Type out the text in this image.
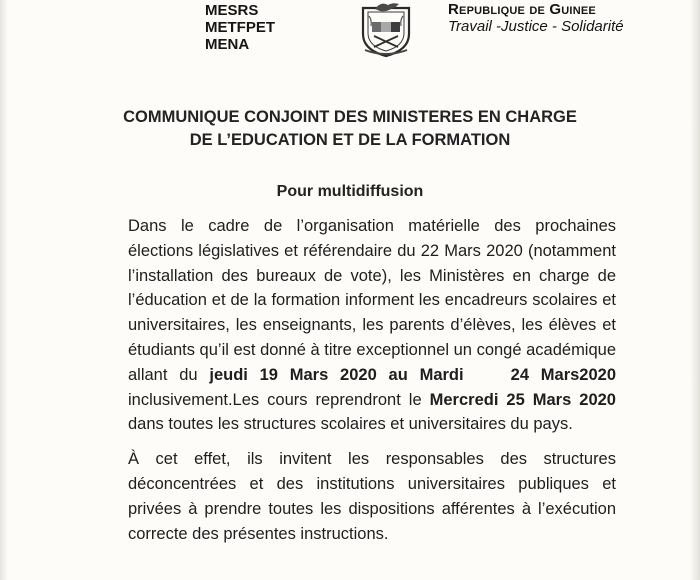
MESRS
METFPET
MENA
Republique de Guinee
Travail -Justice - Solidarité
COMMUNIQUE CONJOINT DES MINISTERES EN CHARGE
DE L’EDUCATION ET DE LA FORMATION
Pour multidiffusion

Dans le cadre de l’organisation matérielle des prochaines élections législatives et référendaire du 22 Mars 2020 (notamment l’installation des bureaux de vote), les Ministères en charge de l’éducation et de la formation informent les encadreurs scolaires et universitaires, les enseignants, les parents d’élèves, les élèves et étudiants qu’il est donné à titre exceptionnel un congé académique allant du jeudi 19 Mars 2020 au Mardi    24 Mars2020 inclusivement.Les cours reprendront le Mercredi 25 Mars 2020 dans toutes les structures scolaires et universitaires du pays.

À cet effet, ils invitent les responsables des structures déconcentrées et des institutions universitaires publiques et privées à prendre toutes les dispositions afférentes à l’exécution correcte des présentes instructions.
